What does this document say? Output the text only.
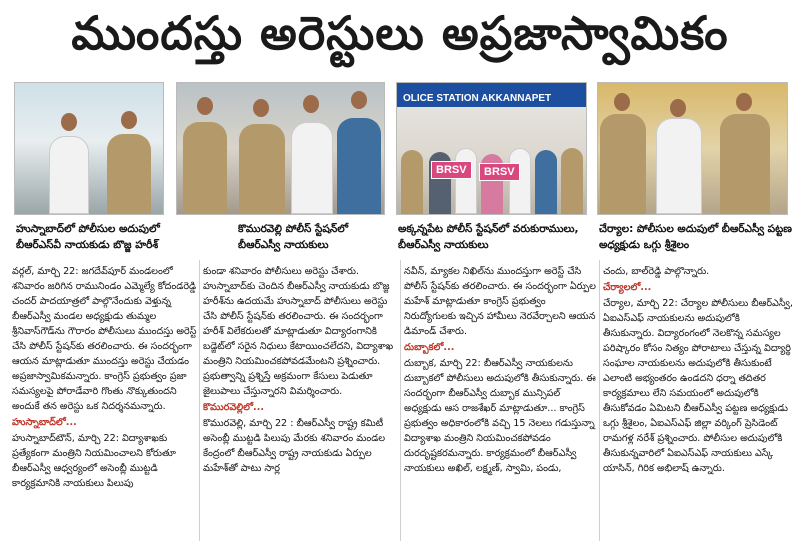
ముందస్తు అరెస్టులు అప్రజాస్వామికం
OLICE STATION AKKANNAPET
BRSV	BRSV
హుస్నాబాద్‌లో పోలీసుల అదుపులో బీఆర్‌ఎస్‌వీ నాయకుడు బొజ్జ హరీశ్
కొమురవెల్లి పోలీస్ స్టేషన్‌లో బీఆర్‌ఎస్వీ నాయకులు
అక్కన్నపేట పోలీస్ స్టేషన్‌లో వరుకురాములు, బీఆర్‌ఎస్వీ నాయకులు
చేర్యాల: పోలీసుల అదుపులో బీఆర్‌ఎస్వీ పట్టణ అధ్యక్షుడు ఒగ్గు శ్రీశైలం

వర్గల్, మార్చి 22: జగదేవ్‌పూర్ మండలంలో శనివారం జరిగిన రామునిండం ఎమ్మెల్యే కోదండరెడ్డి చందర్ పాదయాత్రలో పాల్గొనేందుకు వెళ్తున్న బీఆర్‌ఎస్వీ మండల అధ్యక్షుడు తుమ్మల శ్రీనివాస్‌గౌడ్‌ను గౌరారం పోలీసులు ముందస్తు అరెస్ట్ చేసి పోలీస్ స్టేషన్‌కు తరలించారు. ఈ సందర్భంగా ఆయన మాట్లాడుతూ ముందస్తు అరెస్టు చేయడం అప్రజాస్వామికమన్నారు. కాంగ్రెస్ ప్రభుత్వం ప్రజా సమస్యలపై పోరాడేవారి గొంతు నొక్కుతుందని అందుకే తన అరెస్టు ఒక నిదర్శనమన్నారు.

హుస్నాబాద్‌లో...

హుస్నాబాద్‌టౌన్, మార్చి 22: విద్యాశాఖకు ప్రత్యేకంగా మంత్రిని నియమించాలని కోరుతూ బీఆర్‌ఎస్వీ ఆధ్వర్యంలో అసెంబ్లీ ముట్టడి కార్యక్రమానికి నాయకులు పిలుపు

కుండా శనివారం పోలీసులు అరెస్టు చేశారు. హుస్నాబాద్‌కు చెందిన బీఆర్‌ఎస్వీ నాయకుడు బొజ్జ హరీశ్‌ను ఉదయమే హుస్నాబాద్ పోలీసులు అరెస్టు చేసి పోలీస్ స్టేషన్‌కు తరలించారు. ఈ సందర్భంగా హరీశ్ విలేకరులతో మాట్లాడుతూ విద్యారంగానికి బడ్జెట్‌లో సరైన నిధులు కేటాయించలేదని, విద్యాశాఖ మంత్రిని నియమించకపోవడమేంటని ప్రశ్నించారు. ప్రభుత్వాన్ని ప్రశ్నిస్తే అక్రమంగా కేసులు పెడుతూ జైలుపాలు చేస్తున్నారని విమర్శించారు.

కొమురవెల్లిలో...

కొమురవెల్లి, మార్చి 22 : బీఆర్‌ఎస్వీ రాష్ట్ర కమిటీ అసెంబ్లీ ముట్టడి పిలుపు మేరకు శనివారం మండల కేంద్రంలో బీఆర్‌ఎస్వీ రాష్ట్ర నాయకుడు ఏర్పుల మహేశ్‌తో పాటు సార్ల

నవీన్, మ్యాకల నిఖిల్‌ను ముందస్తుగా అరెస్ట్ చేసి పోలీస్ స్టేషన్‌కు తరలించారు. ఈ సందర్భంగా ఏర్పుల మహేశ్ మాట్లాడుతూ కాంగ్రెస్ ప్రభుత్వం నిరుద్యోగులకు ఇచ్చిన హామీలు నెరవేర్చాలని ఆయన డిమాండ్ చేశారు.

దుబ్బాకలో...

దుబ్బాక, మార్చి 22: బీఆర్‌ఎస్వీ నాయకులను దుబ్బాకలో పోలీసులు అదుపులోకి తీసుకున్నారు. ఈ సందర్భంగా బీఆర్‌ఎస్వీ దుబ్బాక మున్సిపల్ అధ్యక్షుడు ఆస రాజశేఖర్ మాట్లాడుతూ... కాంగ్రెస్ ప్రభుత్వం అధికారంలోకి వచ్చి 15 నెలలు గడుస్తున్నా విద్యాశాఖ మంత్రిని నియమించకపోవడం దురదృష్టకరమన్నారు. కార్యక్రమంలో బీఆర్‌ఎస్వీ నాయకులు అఖిల్, లక్ష్మణ్, స్వామి, పండు,

చందు, బాల్‌రెడ్డి పాల్గొన్నారు.

చేర్యాలలో...

చేర్యాల, మార్చి 22: చేర్యాల పోలీసులు బీఆర్‌ఎస్వీ, ఏఐఎస్‌ఎఫ్ నాయకులను అదుపులోకి తీసుకున్నారు. విద్యారంగంలో నెలకొన్న సమస్యల పరిష్కారం కోసం నిత్యం పోరాటాలు చేస్తున్న విద్యార్థి సంఘాల నాయకులను అదుపులోకి తీసుకుంటే ఎలాంటి అభ్యంతరం ఉండదని ధర్నా తదితర కార్యక్రమాలు లేని సమయంలో అదుపులోకి తీసుకోవడం ఏమిటని బీఆర్‌ఎస్వీ పట్టణ అధ్యక్షుడు ఒగ్గు శ్రీశైలం, ఏఐఎస్‌ఎఫ్ జిల్లా వర్కింగ్ ప్రెసిడెంట్ రామగళ్ల నరేశ్ ప్రశ్నించారు. పోలీసుల అదుపులోకి తీసుకున్నవారిలో ఏఐఎస్‌ఎఫ్ నాయకులు ఎస్కే యాసిన్, గిరిక అభిలాష్ ఉన్నారు.
